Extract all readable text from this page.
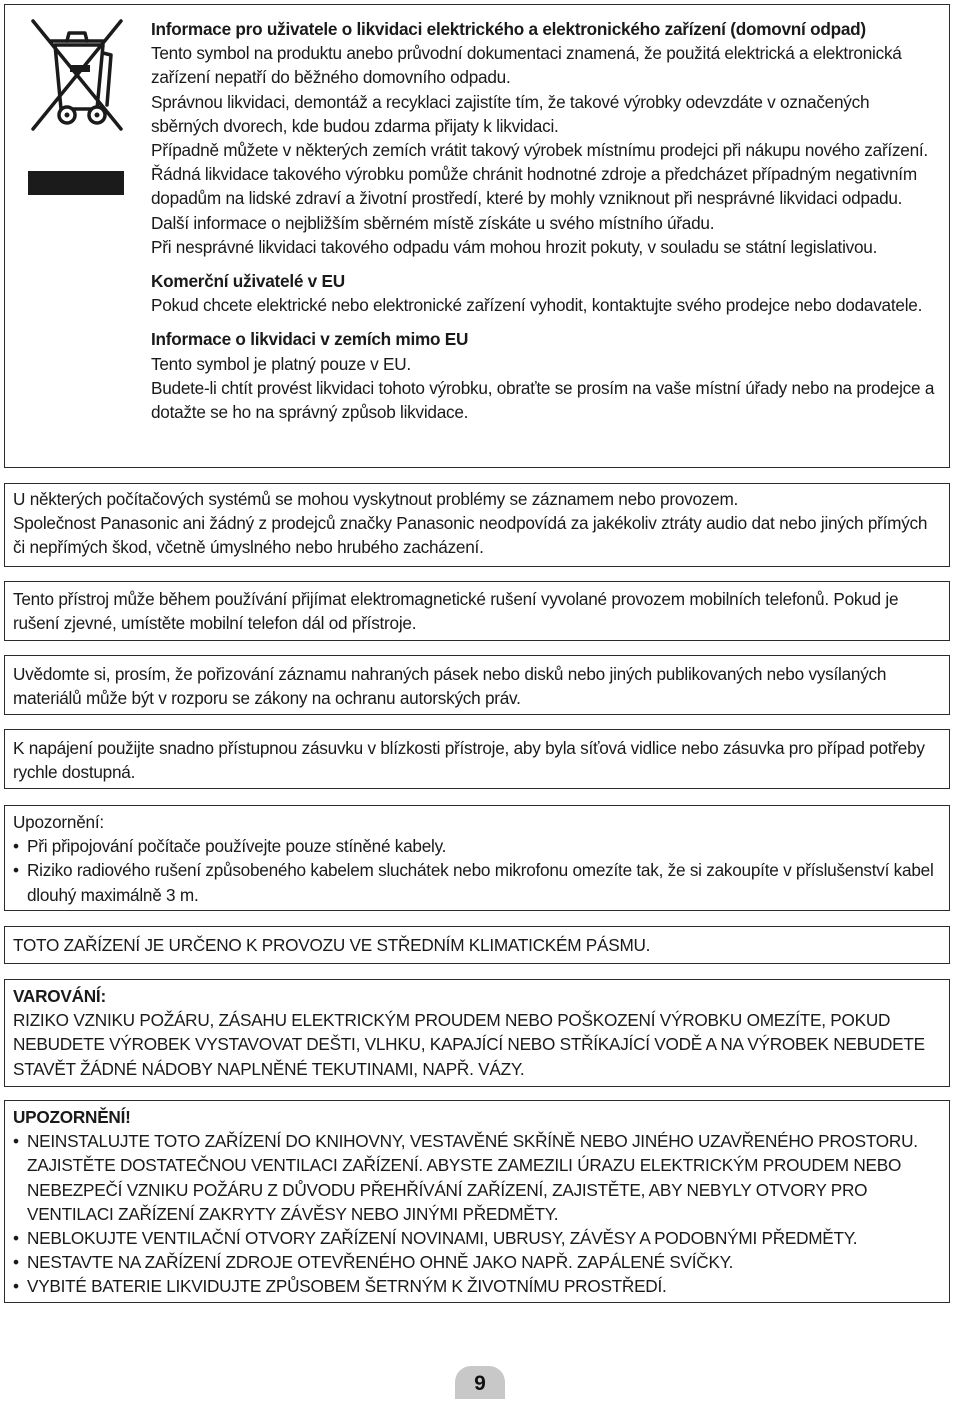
Informace pro uživatele o likvidaci elektrického a elektronického zařízení (domovní odpad)

Tento symbol na produktu anebo průvodní dokumentaci znamená, že použitá elektrická a elektronická zařízení nepatří do běžného domovního odpadu.

Správnou likvidaci, demontáž a recyklaci zajistíte tím, že takové výrobky odevzdáte v označených sběrných dvorech, kde budou zdarma přijaty k likvidaci.

Případně můžete v některých zemích vrátit takový výrobek místnímu prodejci při nákupu nového zařízení.

Řádná likvidace takového výrobku pomůže chránit hodnotné zdroje a předcházet případným negativním dopadům na lidské zdraví a životní prostředí, které by mohly vzniknout při nesprávné likvidaci odpadu. Další informace o nejbližším sběrném místě získáte u svého místního úřadu.

Při nesprávné likvidaci takového odpadu vám mohou hrozit pokuty, v souladu se státní legislativou.

Komerční uživatelé v EU

Pokud chcete elektrické nebo elektronické zařízení vyhodit, kontaktujte svého prodejce nebo dodavatele.

Informace o likvidaci v zemích mimo EU

Tento symbol je platný pouze v EU.

Budete-li chtít provést likvidaci tohoto výrobku, obraťte se prosím na vaše místní úřady nebo na prodejce a dotažte se ho na správný způsob likvidace.

U některých počítačových systémů se mohou vyskytnout problémy se záznamem nebo provozem.

Společnost Panasonic ani žádný z prodejců značky Panasonic neodpovídá za jakékoliv ztráty audio dat nebo jiných přímých či nepřímých škod, včetně úmyslného nebo hrubého zacházení.

Tento přístroj může během používání přijímat elektromagnetické rušení vyvolané provozem mobilních telefonů. Pokud je rušení zjevné, umístěte mobilní telefon dál od přístroje.

Uvědomte si, prosím, že pořizování záznamu nahraných pásek nebo disků nebo jiných publikovaných nebo vysílaných materiálů může být v rozporu se zákony na ochranu autorských práv.

K napájení použijte snadno přístupnou zásuvku v blízkosti přístroje, aby byla síťová vidlice nebo zásuvka pro případ potřeby rychle dostupná.

Upozornění:

• Při připojování počítače používejte pouze stíněné kabely.
• Riziko radiového rušení způsobeného kabelem sluchátek nebo mikrofonu omezíte tak, že si zakoupíte v příslušenství kabel dlouhý maximálně 3 m.

TOTO ZAŘÍZENÍ JE URČENO K PROVOZU VE STŘEDNÍM KLIMATICKÉM PÁSMU.

VAROVÁNÍ:

RIZIKO VZNIKU POŽÁRU, ZÁSAHU ELEKTRICKÝM PROUDEM NEBO POŠKOZENÍ VÝROBKU OMEZÍTE, POKUD NEBUDETE VÝROBEK VYSTAVOVAT DEŠTI, VLHKU, KAPAJÍCÍ NEBO STŘÍKAJÍCÍ VODĚ A NA VÝROBEK NEBUDETE STAVĚT ŽÁDNÉ NÁDOBY NAPLNĚNÉ TEKUTINAMI, NAPŘ. VÁZY.

UPOZORNĚNÍ!

• NEINSTALUJTE TOTO ZAŘÍZENÍ DO KNIHOVNY, VESTAVĚNÉ SKŘÍNĚ NEBO JINÉHO UZAVŘENÉHO PROSTORU. ZAJISTĚTE DOSTATEČNOU VENTILACI ZAŘÍZENÍ. ABYSTE ZAMEZILI ÚRAZU ELEKTRICKÝM PROUDEM NEBO NEBEZPEČÍ VZNIKU POŽÁRU Z DŮVODU PŘEHŘÍVÁNÍ ZAŘÍZENÍ, ZAJISTĚTE, ABY NEBYLY OTVORY PRO VENTILACI ZAŘÍZENÍ ZAKRYTY ZÁVĚSY NEBO JINÝMI PŘEDMĚTY.
• NEBLOKUJTE VENTILAČNÍ OTVORY ZAŘÍZENÍ NOVINAMI, UBRUSY, ZÁVĚSY A PODOBNÝMI PŘEDMĚTY.
• NESTAVTE NA ZAŘÍZENÍ ZDROJE OTEVŘENÉHO OHNĚ JAKO NAPŘ. ZAPÁLENÉ SVÍČKY.
• VYBITÉ BATERIE LIKVIDUJTE ZPŮSOBEM ŠETRNÝM K ŽIVOTNÍMU PROSTŘEDÍ.
9
